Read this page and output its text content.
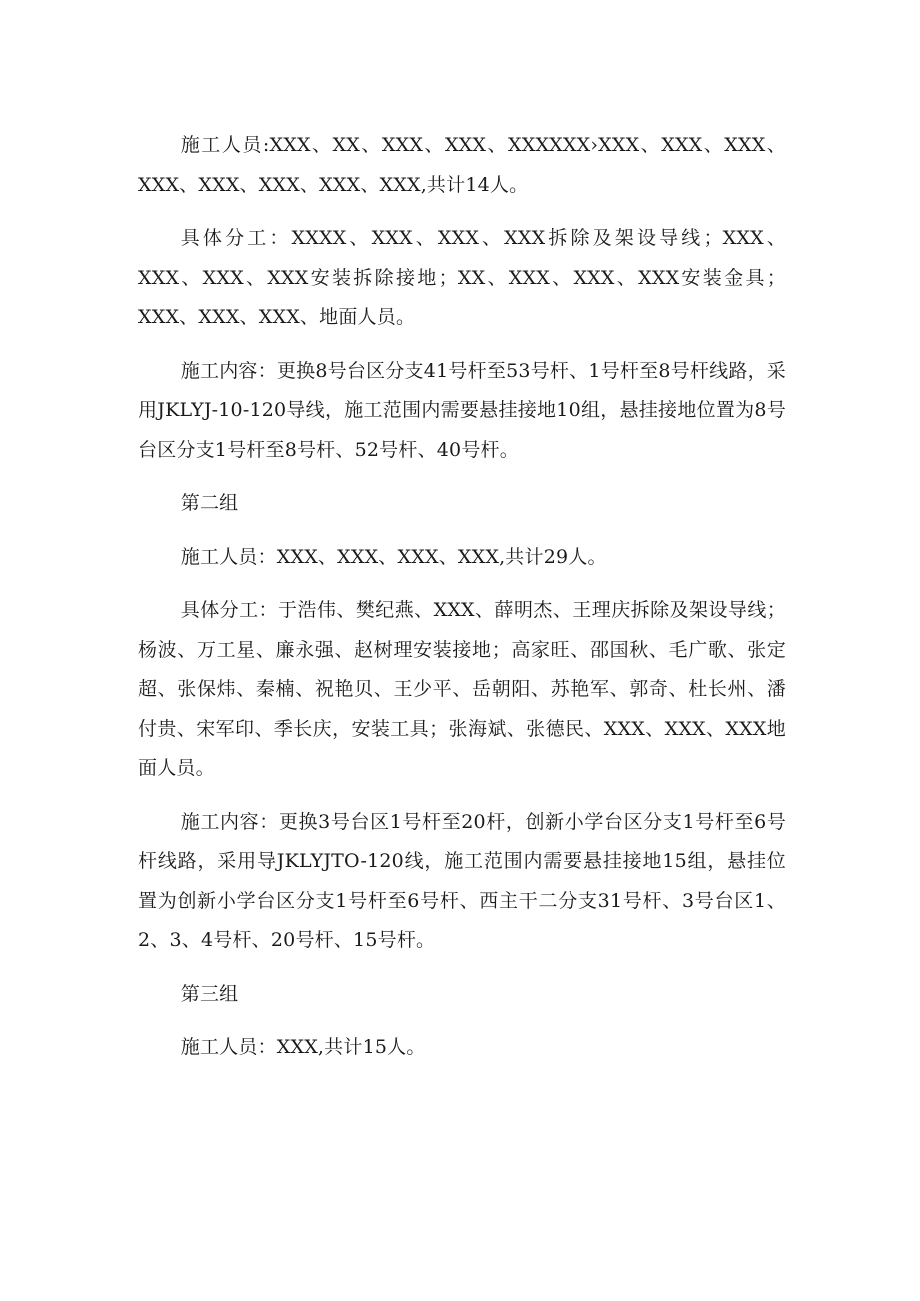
施工人员:XXX、XX、XXX、XXX、XXXXXX›XXX、XXX、XXX、XXX、XXX、XXX、XXX、XXX,共计14人。

具体分工：XXXX、XXX、XXX、XXX拆除及架设导线；XXX、XXX、XXX、XXX安装拆除接地；XX、XXX、XXX、XXX安装金具；XXX、XXX、XXX、地面人员。

施工内容：更换8号台区分支41号杆至53号杆、1号杆至8号杆线路，采用JKLYJ-10-120导线，施工范围内需要悬挂接地10组，悬挂接地位置为8号台区分支1号杆至8号杆、52号杆、40号杆。

第二组

施工人员：XXX、XXX、XXX、XXX,共计29人。

具体分工：于浩伟、樊纪燕、XXX、薛明杰、王理庆拆除及架设导线；杨波、万工星、廉永强、赵树理安装接地；高家旺、邵国秋、毛广歌、张定超、张保炜、秦楠、祝艳贝、王少平、岳朝阳、苏艳军、郭奇、杜长州、潘付贵、宋军印、季长庆，安装工具；张海斌、张德民、XXX、XXX、XXX地面人员。

施工内容：更换3号台区1号杆至20杆，创新小学台区分支1号杆至6号杆线路，采用导JKLYJTO-120线，施工范围内需要悬挂接地15组，悬挂位置为创新小学台区分支1号杆至6号杆、西主干二分支31号杆、3号台区1、2、3、4号杆、20号杆、15号杆。

第三组

施工人员：XXX,共计15人。
